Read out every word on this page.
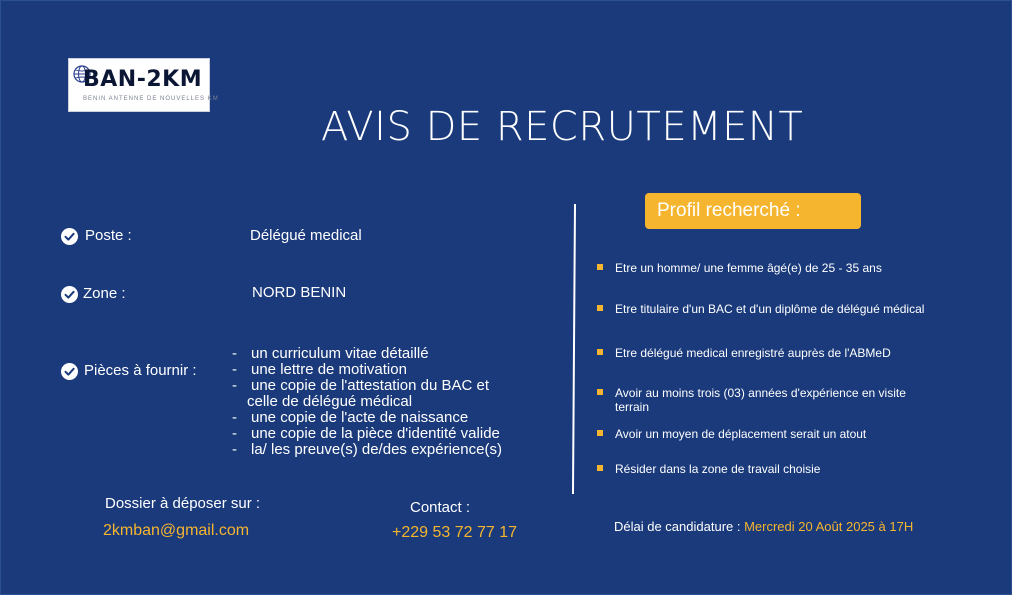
BAN-2KM
BENIN ANTENNE DE NOUVELLES KM
AVIS DE RECRUTEMENT
Poste :	Délégué medical
Zone :	NORD BENIN
Pièces à fournir :
- un curriculum vitae détaillé
- une lettre de motivation
- une copie de l'attestation du BAC et
celle de délégué médical
- une copie de l'acte de naissance
- une copie de la pièce d'identité valide
- la/ les preuve(s) de/des expérience(s)
Dossier à déposer sur :
2kmban@gmail.com
Contact :
+229 53 72 77 17
Profil recherché :
Etre un homme/ une femme âgé(e) de 25 - 35 ans
Etre titulaire d'un BAC et d'un diplôme de délégué médical
Etre délégué medical enregistré auprès de l'ABMeD
Avoir au moins trois (03) années d'expérience en visite terrain
Avoir un moyen de déplacement serait un atout
Résider dans la zone de travail choisie
Délai de candidature : Mercredi 20 Août 2025 à 17H
